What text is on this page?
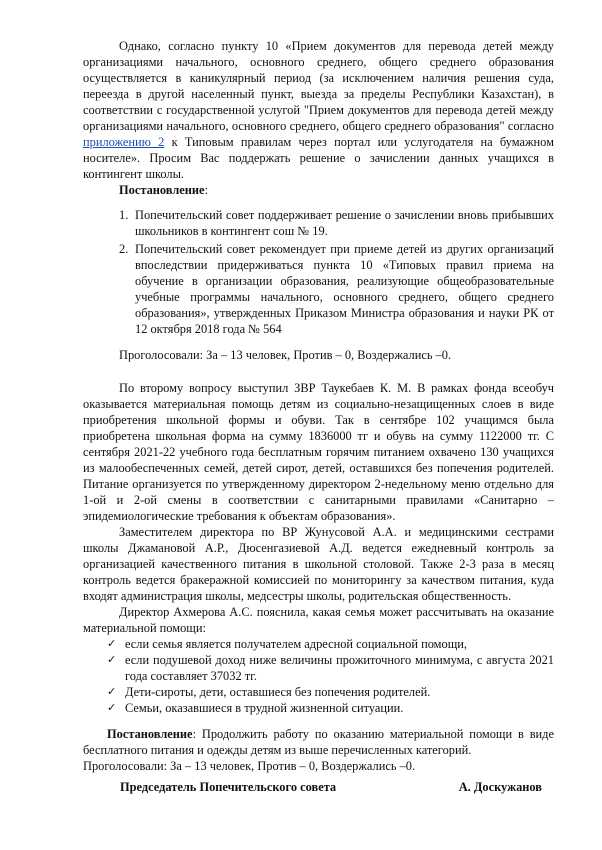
Однако, согласно пункту 10 «Прием документов для перевода детей между организациями начального, основного среднего, общего среднего образования осуществляется в каникулярный период (за исключением наличия решения суда, переезда в другой населенный пункт, выезда за пределы Республики Казахстан), в соответствии с государственной услугой "Прием документов для перевода детей между организациями начального, основного среднего, общего среднего образования" согласно приложению 2 к Типовым правилам через портал или услугодателя на бумажном носителе». Просим Вас поддержать решение о зачислении данных учащихся в контингент школы.

Постановление:

1. Попечительский совет поддерживает решение о зачислении вновь прибывших школьников в контингент сош № 19.
2. Попечительский совет рекомендует при приеме детей из других организаций впоследствии придерживаться пункта 10 «Типовых правил приема на обучение в организации образования, реализующие общеобразовательные учебные программы начального, основного среднего, общего среднего образования», утвержденных Приказом Министра образования и науки РК от 12 октября 2018 года № 564

Проголосовали: За – 13 человек, Против – 0, Воздержались –0.

По второму вопросу выступил ЗВР Таукебаев К. М. В рамках фонда всеобуч оказывается материальная помощь детям из социально-незащищенных слоев в виде приобретения школьной формы и обуви. Так в сентябре 102 учащимся была приобретена школьная форма на сумму 1836000 тг и обувь на сумму 1122000 тг. С сентября 2021-22 учебного года бесплатным горячим питанием охвачено 130 учащихся из малообеспеченных семей, детей сирот, детей, оставшихся без попечения родителей. Питание организуется по утвержденному директором 2-недельному меню отдельно для 1-ой и 2-ой смены в соответствии с санитарными правилами «Санитарно – эпидемиологические требования к объектам образования».

Заместителем директора по ВР Жунусовой А.А. и медицинскими сестрами школы Джамановой А.Р., Дюсенгазиевой А.Д. ведется ежедневный контроль за организацией качественного питания в школьной столовой. Также 2-3 раза в месяц контроль ведется бракеражной комиссией по мониторингу за качеством питания, куда входят администрация школы, медсестры школы, родительская общественность.

Директор Ахмерова А.С. пояснила, какая семья может рассчитывать на оказание материальной помощи:

✓ если семья является получателем адресной социальной помощи,
✓ если подушевой доход ниже величины прожиточного минимума, с августа 2021 года составляет 37032 тг.
✓ Дети-сироты, дети, оставшиеся без попечения родителей.
✓ Семьи, оказавшиеся в трудной жизненной ситуации.

Постановление: Продолжить работу по оказанию материальной помощи в виде бесплатного питания и одежды детям из выше перечисленных категорий.

Проголосовали: За – 13 человек, Против – 0, Воздержались –0.

Председатель Попечительского совета	А. Доскужанов
